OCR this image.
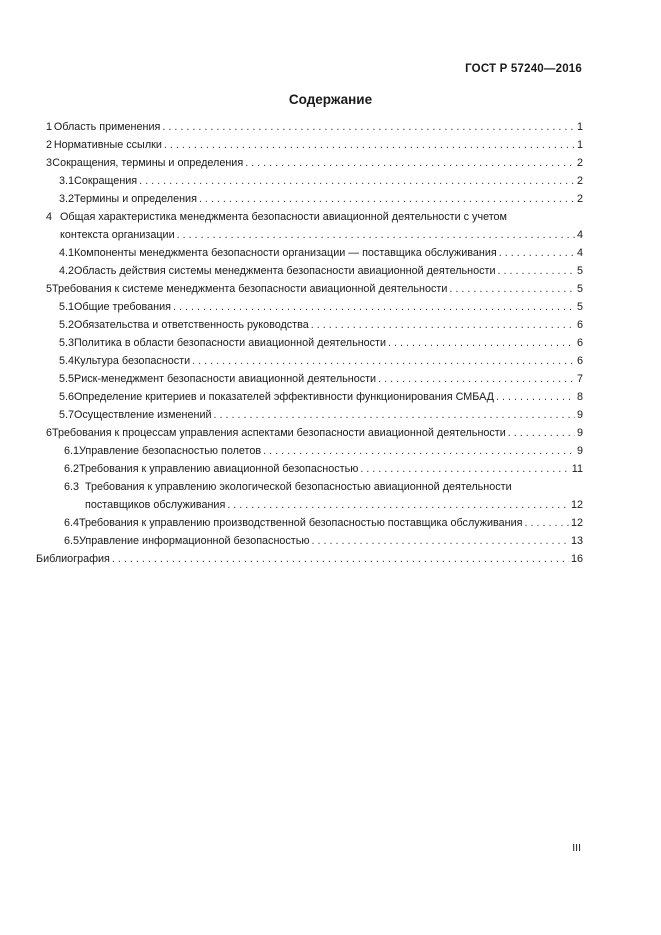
ГОСТ Р 57240—2016
Содержание
1 Область применения . . .	1
2 Нормативные ссылки . . .	1
3 Сокращения, термины и определения . . .	2
3.1 Сокращения . . .	2
3.2 Термины и определения . . .	2
4 Общая характеристика менеджмента безопасности авиационной деятельности с учетом
контекста организации . . .	4
4.1 Компоненты менеджмента безопасности организации — поставщика обслуживания . . .	4
4.2 Область действия системы менеджмента безопасности авиационной деятельности . . .	5
5 Требования к системе менеджмента безопасности авиационной деятельности . . .	5
5.1 Общие требования . . .	5
5.2 Обязательства и ответственность руководства . . .	6
5.3 Политика в области безопасности авиационной деятельности . . .	6
5.4 Культура безопасности . . .	6
5.5 Риск-менеджмент безопасности авиационной деятельности . . .	7
5.6 Определение критериев и показателей эффективности функционирования СМБАД . . .	8
5.7 Осуществление изменений . . .	9
6 Требования к процессам управления аспектами безопасности авиационной деятельности . . .	9
6.1 Управление безопасностью полетов . . .	9
6.2 Требования к управлению авиационной безопасностью . . .	11
6.3 Требования к управлению экологической безопасностью авиационной деятельности
поставщиков обслуживания . . .	12
6.4 Требования к управлению производственной безопасностью поставщика обслуживания . . .	12
6.5 Управление информационной безопасностью . . .	13
Библиография . . .	16
III
